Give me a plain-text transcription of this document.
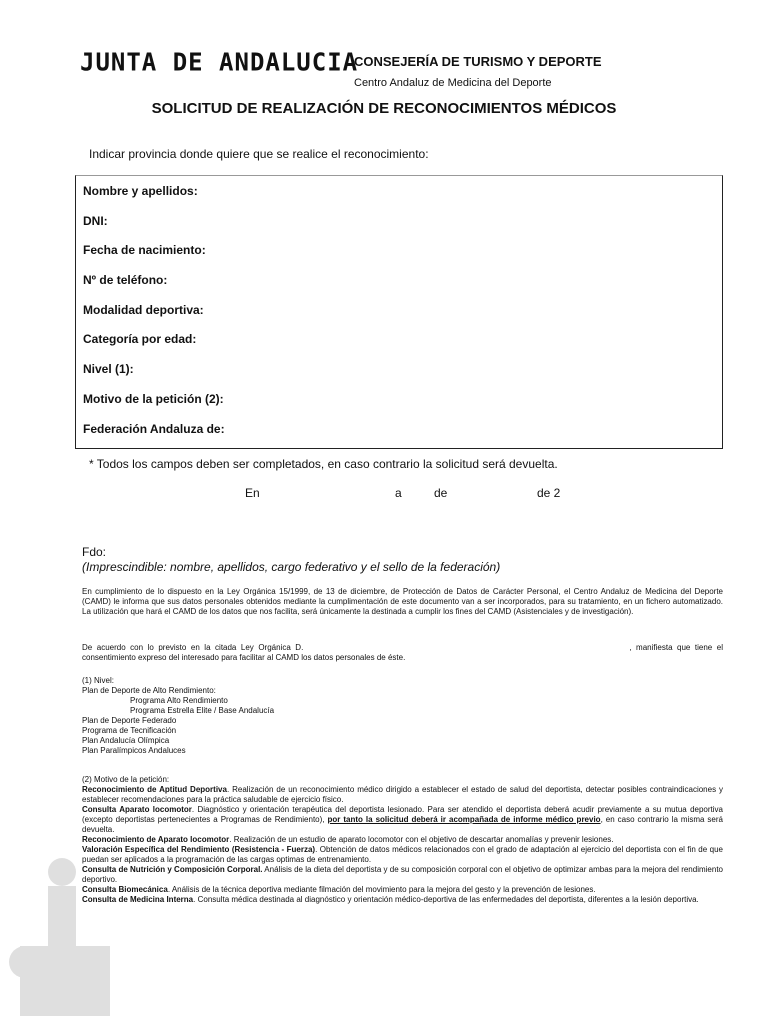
JUNTA DE ANDALUCIA
CONSEJERÍA DE TURISMO Y DEPORTE
Centro Andaluz de Medicina del Deporte
SOLICITUD DE REALIZACIÓN DE RECONOCIMIENTOS MÉDICOS
Indicar provincia donde quiere que se realice el reconocimiento:
Nombre y apellidos:
DNI:
Fecha de nacimiento:
Nº de teléfono:
Modalidad deportiva:
Categoría por edad:
Nivel (1):
Motivo de la petición (2):
Federación Andaluza de:
* Todos los campos deben ser completados, en caso contrario la solicitud será devuelta.
En	a	de	de 2
Fdo:
(Imprescindible: nombre, apellidos, cargo federativo y el sello de la federación)

En cumplimiento de lo dispuesto en la Ley Orgánica 15/1999, de 13 de diciembre, de Protección de Datos de Carácter Personal, el Centro Andaluz de Medicina del Deporte (CAMD) le informa que sus datos personales obtenidos mediante la cumplimentación de este documento van a ser incorporados, para su tratamiento, en un fichero automatizado. La utilización que hará el CAMD de los datos que nos facilita, será únicamente la destinada a cumplir los fines del CAMD (Asistenciales y de investigación).

De acuerdo con lo previsto en la citada Ley Orgánica D.	, manifiesta que tiene el consentimiento expreso del interesado para facilitar al CAMD los datos personales de éste.

(1) Nivel:

Plan de Deporte de Alto Rendimiento:

Programa Alto Rendimiento

Programa Estrella Elite / Base Andalucía

Plan de Deporte Federado

Programa de Tecnificación

Plan Andalucía Olímpica

Plan Paralímpicos Andaluces

(2) Motivo de la petición:

Reconocimiento de Aptitud Deportiva. Realización de un reconocimiento médico dirigido a establecer el estado de salud del deportista, detectar posibles contraindicaciones y establecer recomendaciones para la práctica saludable de ejercicio físico.

Consulta Aparato locomotor. Diagnóstico y orientación terapéutica del deportista lesionado. Para ser atendido el deportista deberá acudir previamente a su mutua deportiva (excepto deportistas pertenecientes a Programas de Rendimiento), por tanto la solicitud deberá ir acompañada de informe médico previo, en caso contrario la misma será devuelta.

Reconocimiento de Aparato locomotor. Realización de un estudio de aparato locomotor con el objetivo de descartar anomalías y prevenir lesiones.

Valoración Específica del Rendimiento (Resistencia - Fuerza). Obtención de datos médicos relacionados con el grado de adaptación al ejercicio del deportista con el fin de que puedan ser aplicados a la programación de las cargas optimas de entrenamiento.

Consulta de Nutrición y Composición Corporal. Análisis de la dieta del deportista y de su composición corporal con el objetivo de optimizar ambas para la mejora del rendimiento deportivo.

Consulta Biomecánica. Análisis de la técnica deportiva mediante filmación del movimiento para la mejora del gesto y la prevención de lesiones.

Consulta de Medicina Interna. Consulta médica destinada al diagnóstico y orientación médico-deportiva de las enfermedades del deportista, diferentes a la lesión deportiva.
